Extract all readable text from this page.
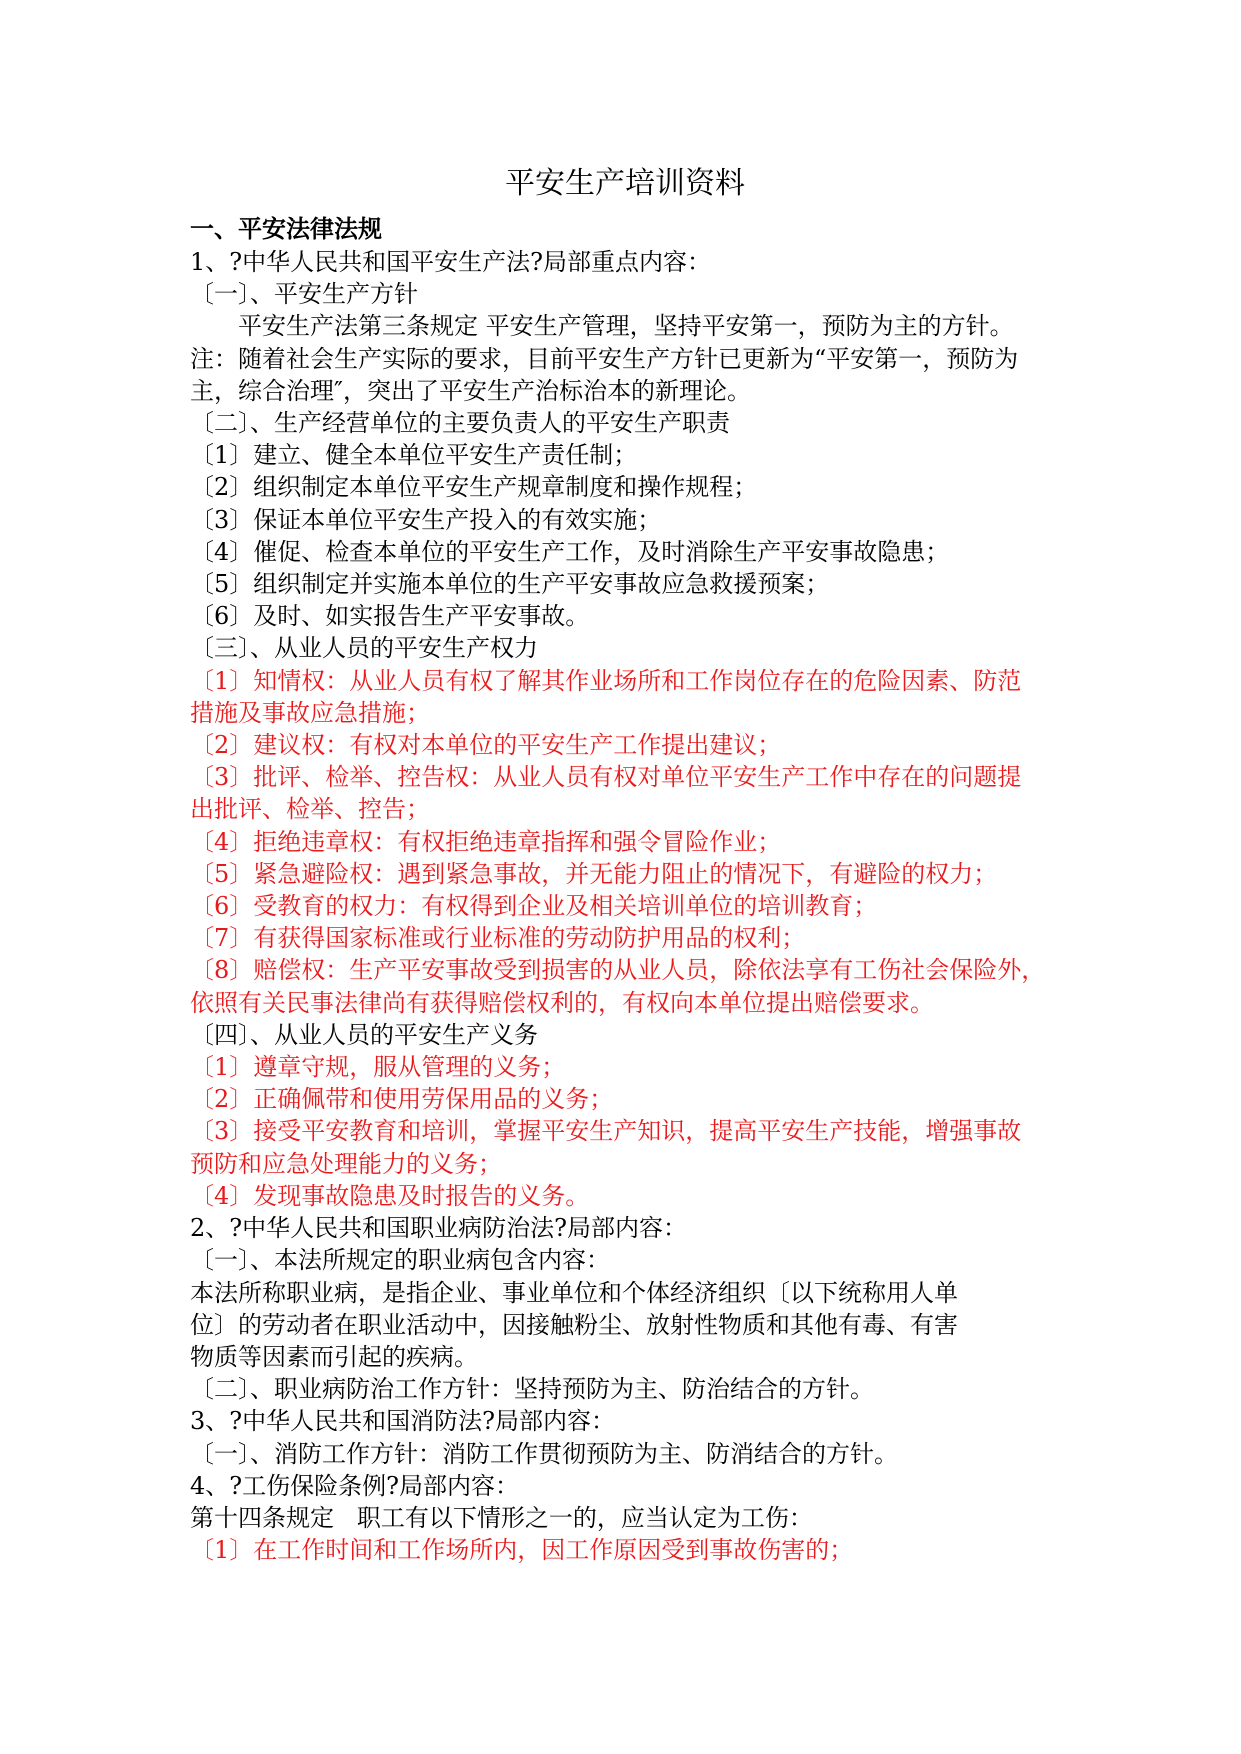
平安生产培训资料
一、平安法律法规
1、?中华人民共和国平安生产法?局部重点内容：
〔一〕、平安生产方针
平安生产法第三条规定 平安生产管理，坚持平安第一，预防为主的方针。
注：随着社会生产实际的要求，目前平安生产方针已更新为“平安第一，预防为
主，综合治理″，突出了平安生产治标治本的新理论。
〔二〕、生产经营单位的主要负责人的平安生产职责
〔1〕建立、健全本单位平安生产责任制；
〔2〕组织制定本单位平安生产规章制度和操作规程；
〔3〕保证本单位平安生产投入的有效实施；
〔4〕催促、检查本单位的平安生产工作，及时消除生产平安事故隐患；
〔5〕组织制定并实施本单位的生产平安事故应急救援预案；
〔6〕及时、如实报告生产平安事故。
〔三〕、从业人员的平安生产权力
〔1〕知情权：从业人员有权了解其作业场所和工作岗位存在的危险因素、防范
措施及事故应急措施；
〔2〕建议权：有权对本单位的平安生产工作提出建议；
〔3〕批评、检举、控告权：从业人员有权对单位平安生产工作中存在的问题提
出批评、检举、控告；
〔4〕拒绝违章权：有权拒绝违章指挥和强令冒险作业；
〔5〕紧急避险权：遇到紧急事故，并无能力阻止的情况下，有避险的权力；
〔6〕受教育的权力：有权得到企业及相关培训单位的培训教育；
〔7〕有获得国家标准或行业标准的劳动防护用品的权利；
〔8〕赔偿权：生产平安事故受到损害的从业人员，除依法享有工伤社会保险外，
依照有关民事法律尚有获得赔偿权利的，有权向本单位提出赔偿要求。
〔四〕、从业人员的平安生产义务
〔1〕遵章守规，服从管理的义务；
〔2〕正确佩带和使用劳保用品的义务；
〔3〕接受平安教育和培训，掌握平安生产知识，提高平安生产技能，增强事故
预防和应急处理能力的义务；
〔4〕发现事故隐患及时报告的义务。
2、?中华人民共和国职业病防治法?局部内容：
〔一〕、本法所规定的职业病包含内容：
本法所称职业病，是指企业、事业单位和个体经济组织〔以下统称用人单
位〕的劳动者在职业活动中，因接触粉尘、放射性物质和其他有毒、有害
物质等因素而引起的疾病。
〔二〕、职业病防治工作方针：坚持预防为主、防治结合的方针。
3、?中华人民共和国消防法?局部内容：
〔一〕、消防工作方针：消防工作贯彻预防为主、防消结合的方针。
4、?工伤保险条例?局部内容：
第十四条规定   职工有以下情形之一的，应当认定为工伤：
〔1〕在工作时间和工作场所内，因工作原因受到事故伤害的；
